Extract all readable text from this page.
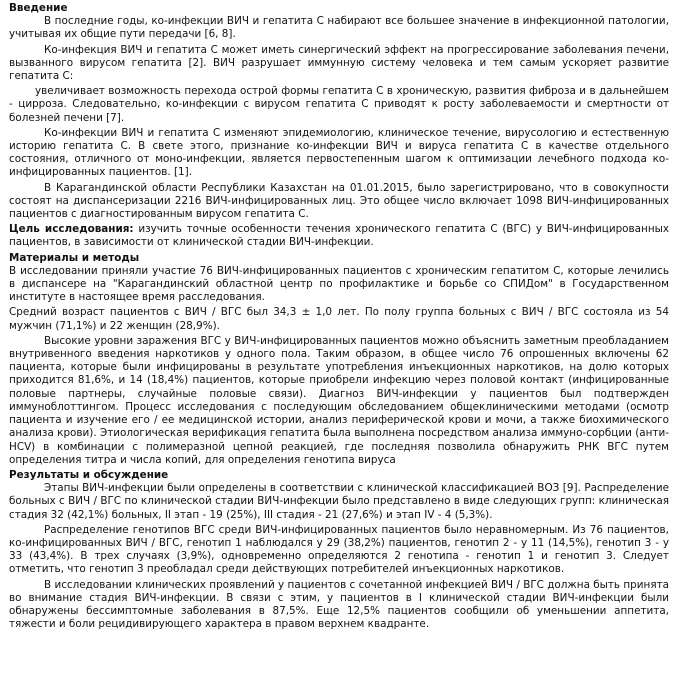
Введение

В последние годы, ко-инфекции ВИЧ и гепатита С набирают все большее значение в инфекционной патологии, учитывая их общие пути передачи [6, 8].

Ко-инфекция ВИЧ и гепатита С может иметь синергический эффект на прогрессирование заболевания печени, вызванного вирусом гепатита [2]. ВИЧ разрушает иммунную систему человека и тем самым ускоряет развитие гепатита С:

увеличивает возможность перехода острой формы гепатита С в хроническую, развития фиброза и в дальнейшем - цирроза. Следовательно, ко-инфекции с вирусом гепатита С приводят к росту заболеваемости и смертности от болезней печени [7].

Ко-инфекции ВИЧ и гепатита С изменяют эпидемиологию, клиническое течение, вирусологию и естественную историю гепатита С. В свете этого, признание ко-инфекции ВИЧ и вируса гепатита С в качестве отдельного состояния, отличного от моно-инфекции, является первостепенным шагом к оптимизации лечебного подхода ко-инфицированных пациентов. [1].

В Карагандинской области Республики Казахстан на 01.01.2015, было зарегистрировано, что в совокупности состоят на диспансеризации 2216 ВИЧ-инфицированных лиц. Это общее число включает 1098 ВИЧ-инфицированных пациентов с диагностированным вирусом гепатита С.

Цель исследования: изучить точные особенности течения хронического гепатита С (ВГС) у ВИЧ-инфицированных пациентов, в зависимости от клинической стадии ВИЧ-инфекции.

Материалы и методы

В исследовании приняли участие 76 ВИЧ-инфицированных пациентов с хроническим гепатитом С, которые лечились в диспансере на "Карагандинский областной центр по профилактике и борьбе со СПИДом" в Государственном институте в настоящее время расследования.

Средний возраст пациентов с ВИЧ / ВГС был 34,3 ± 1,0 лет. По полу группа больных с ВИЧ / ВГС состояла из 54 мужчин (71,1%) и 22 женщин (28,9%).

Высокие уровни заражения ВГС у ВИЧ-инфицированных пациентов можно объяснить заметным преобладанием внутривенного введения наркотиков у одного пола. Таким образом, в общее число 76 опрошенных включены 62 пациента, которые были инфицированы в результате употребления инъекционных наркотиков, на долю которых приходится 81,6%, и 14 (18,4%) пациентов, которые приобрели инфекцию через половой контакт (инфицированные половые партнеры, случайные половые связи). Диагноз ВИЧ-инфекции у пациентов был подтвержден иммуноблоттингом. Процесс исследования с последующим обследованием общеклиническими методами (осмотр пациента и изучение его / ее медицинской истории, анализ периферической крови и мочи, а также биохимического анализа крови). Этиологическая верификация гепатита была выполнена посредством анализа иммуно-сорбции (анти-HCV) в комбинации с полимеразной цепной реакцией, где последняя позволила обнаружить РНК ВГС путем определения титра и числа копий, для определения генотипа вируса

Результаты и обсуждение

Этапы ВИЧ-инфекции были определены в соответствии с клинической классификацией ВОЗ [9]. Распределение больных с ВИЧ / ВГС по клинической стадии ВИЧ-инфекции было представлено в виде следующих групп: клиническая стадия 32 (42,1%) больных, II этап - 19 (25%), III стадия - 21 (27,6%) и этап IV - 4 (5,3%).

Распределение генотипов ВГС среди ВИЧ-инфицированных пациентов было неравномерным. Из 76 пациентов, ко-инфицированных ВИЧ / ВГС, генотип 1 наблюдался у 29 (38,2%) пациентов, генотип 2 - у 11 (14,5%), генотип 3 - у 33 (43,4%). В трех случаях (3,9%), одновременно определяются 2 генотипа - генотип 1 и генотип 3. Следует отметить, что генотип 3 преобладал среди действующих потребителей инъекционных наркотиков.

В исследовании клинических проявлений у пациентов с сочетанной инфекцией ВИЧ / ВГС должна быть принята во внимание стадия ВИЧ-инфекции. В связи с этим, у пациентов в I клинической стадии ВИЧ-инфекции были обнаружены бессимптомные заболевания в 87,5%. Еще 12,5% пациентов сообщили об уменьшении аппетита, тяжести и боли рецидивирующего характера в правом верхнем квадранте.
